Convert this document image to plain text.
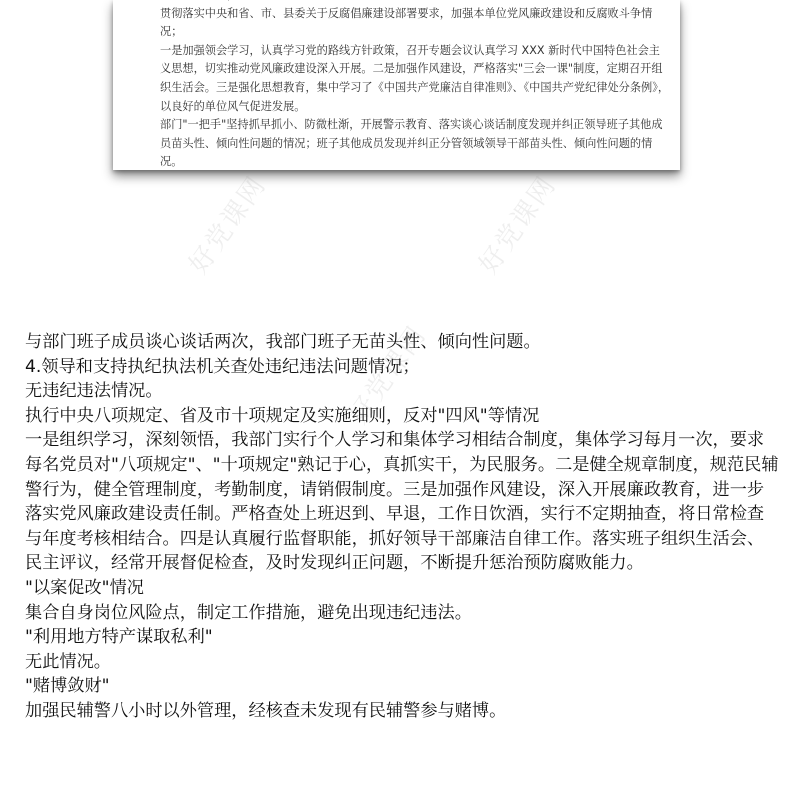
贯彻落实中央和省、市、县委关于反腐倡廉建设部署要求，加强本单位党风廉政建设和反腐败斗争情况；

一是加强领会学习，认真学习党的路线方针政策，召开专题会议认真学习 XXX 新时代中国特色社会主义思想，切实推动党风廉政建设深入开展。二是加强作风建设，严格落实"三会一课"制度，定期召开组织生活会。三是强化思想教育，集中学习了《中国共产党廉洁自律准则》、《中国共产党纪律处分条例》，以良好的单位风气促进发展。

部门"一把手"坚持抓早抓小、防微杜渐，开展警示教育、落实谈心谈话制度发现并纠正领导班子其他成员苗头性、倾向性问题的情况；班子其他成员发现并纠正分管领域领导干部苗头性、倾向性问题的情况。

好党课网	好党课网
好党课网

与部门班子成员谈心谈话两次，我部门班子无苗头性、倾向性问题。

4.领导和支持执纪执法机关查处违纪违法问题情况；

无违纪违法情况。

执行中央八项规定、省及市十项规定及实施细则，反对"四风"等情况

一是组织学习，深刻领悟，我部门实行个人学习和集体学习相结合制度，集体学习每月一次，要求每名党员对"八项规定"、"十项规定"熟记于心，真抓实干，为民服务。二是健全规章制度，规范民辅警行为，健全管理制度，考勤制度，请销假制度。三是加强作风建设，深入开展廉政教育，进一步落实党风廉政建设责任制。严格查处上班迟到、早退，工作日饮酒，实行不定期抽查，将日常检查与年度考核相结合。四是认真履行监督职能，抓好领导干部廉洁自律工作。落实班子组织生活会、民主评议，经常开展督促检查，及时发现纠正问题，不断提升惩治预防腐败能力。

"以案促改"情况

集合自身岗位风险点，制定工作措施，避免出现违纪违法。

"利用地方特产谋取私利"

无此情况。

"赌博敛财"

加强民辅警八小时以外管理，经核查未发现有民辅警参与赌博。
